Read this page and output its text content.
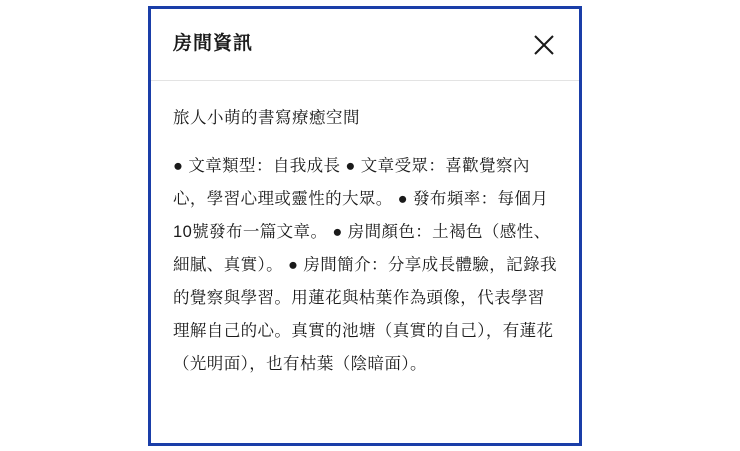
房間資訊
旅人小萌的書寫療癒空間

● 文章類型：自我成長 ● 文章受眾：喜歡覺察內心，學習心理或靈性的大眾。 ● 發布頻率：每個月10號發布一篇文章。 ● 房間顏色：土褐色（感性、細膩、真實）。 ● 房間簡介：分享成長體驗，記錄我的覺察與學習。用蓮花與枯葉作為頭像，代表學習理解自己的心。真實的池塘（真實的自己），有蓮花（光明面），也有枯葉（陰暗面）。
